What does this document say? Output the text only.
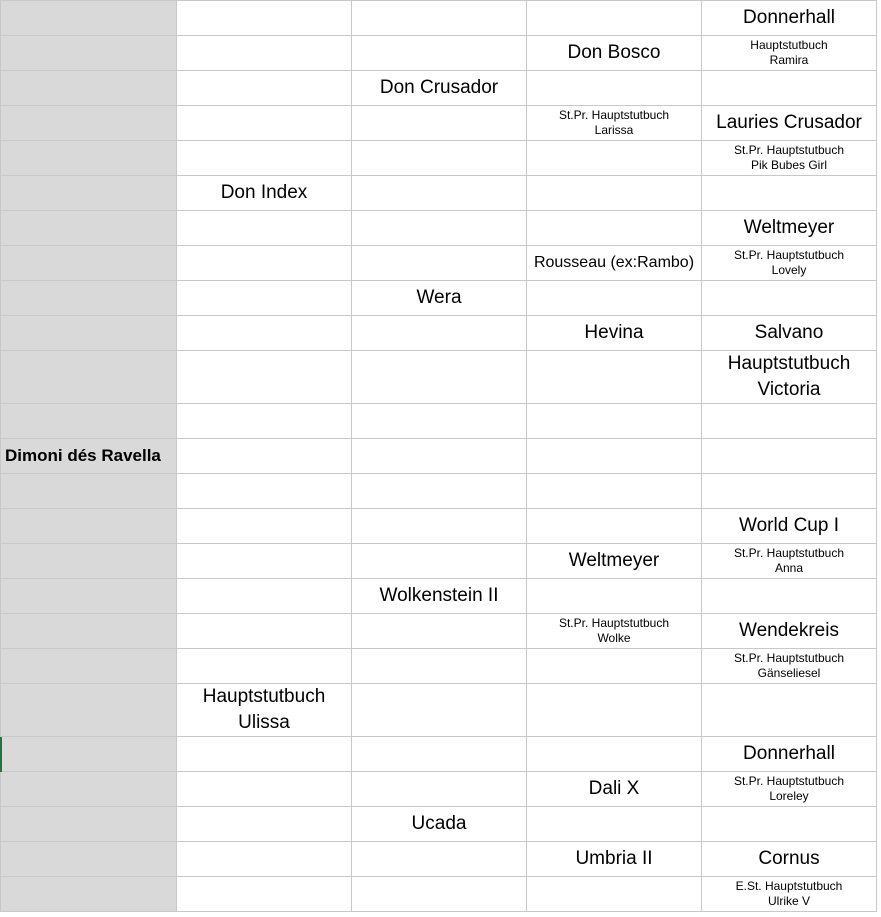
				Donnerhall
			Don Bosco	Hauptstutbuch
Ramira

		Don Crusador		

			St.Pr. Hauptstutbuch
Larissa	Lauries Crusador

				St.Pr. Hauptstutbuch
Pik Bubes Girl

	Don Index			
				Weltmeyer
			Rousseau (ex:Rambo)	St.Pr. Hauptstutbuch
Lovely

		Wera		
			Hevina	Salvano

				Hauptstutbuch
Victoria

Dimoni dés Ravella				

				World Cup I
			Weltmeyer	St.Pr. Hauptstutbuch
Anna

		Wolkenstein II		

			St.Pr. Hauptstutbuch
Wolke	Wendekreis

				St.Pr. Hauptstutbuch
Gänseliesel

	Hauptstutbuch
Ulissa			

				Donnerhall
			Dali X	St.Pr. Hauptstutbuch
Loreley

		Ucada		
			Umbria II	Cornus

				E.St. Hauptstutbuch
Ulrike V
